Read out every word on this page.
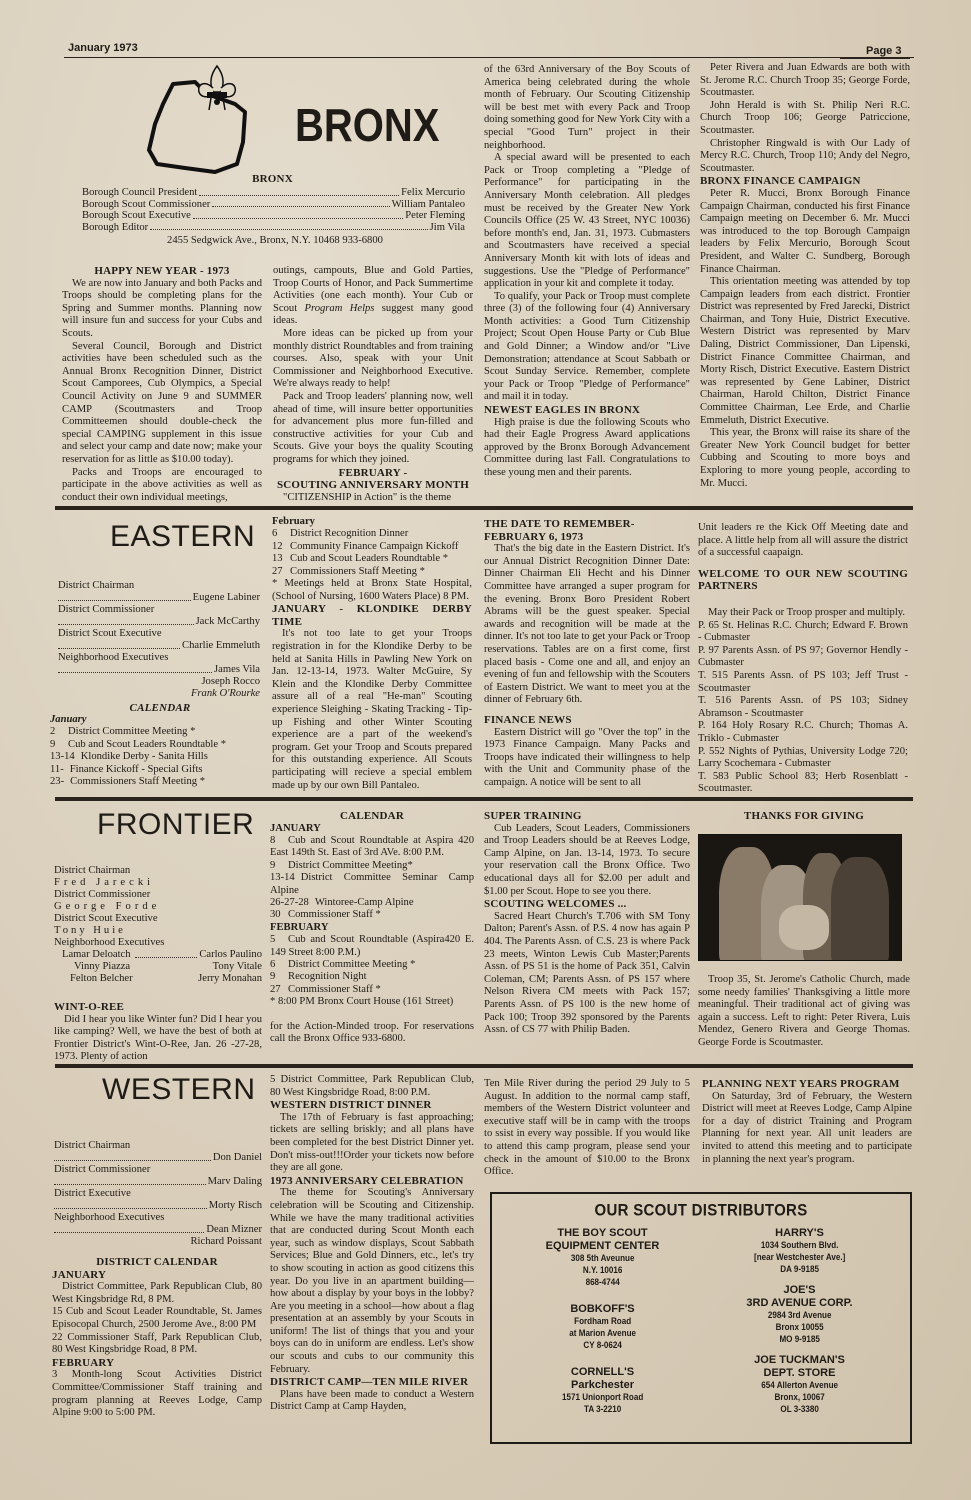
January 1973	Page 3
BRONX
BRONX
Borough Council President	Felix Mercurio
Borough Scout Commissioner	William Pantaleo
Borough Scout Executive	Peter Fleming
Borough Editor	Jim Vila
2455 Sedgwick Ave., Bronx, N.Y. 10468 933-6800
HAPPY NEW YEAR - 1973

We are now into January and both Packs and Troops should be completing plans for the Spring and Summer months. Planning now will insure fun and success for your Cubs and Scouts.

Several Council, Borough and District activities have been scheduled such as the Annual Bronx Recognition Dinner, District Scout Camporees, Cub Olympics, a Special Council Activity on June 9 and SUMMER CAMP (Scoutmasters and Troop Committeemen should double-check the special CAMPING supplement in this issue and select your camp and date now; make your reservation for as little as $10.00 today).

Packs and Troops are encouraged to participate in the above activities as well as conduct their own individual meetings,

outings, campouts, Blue and Gold Parties, Troop Courts of Honor, and Pack Summertime Activities (one each month). Your Cub or Scout Program Helps suggest many good ideas.

More ideas can be picked up from your monthly district Roundtables and from training courses. Also, speak with your Unit Commissioner and Neighborhood Executive. We're always ready to help!

Pack and Troop leaders' planning now, well ahead of time, will insure better opportunities for advancement plus more fun-filled and constructive activities for your Cub and Scouts. Give your boys the quality Scouting programs for which they joined.

FEBRUARY -
SCOUTING ANNIVERSARY MONTH

"CITIZENSHIP in Action" is the theme

of the 63rd Anniversary of the Boy Scouts of America being celebrated during the whole month of February. Our Scouting Citizenship will be best met with every Pack and Troop doing something good for New York City with a special "Good Turn" project in their neighborhood.

A special award will be presented to each Pack or Troop completing a "Pledge of Performance" for participating in the Anniversary Month celebration. All pledges must be received by the Greater New York Councils Office (25 W. 43 Street, NYC 10036) before month's end, Jan. 31, 1973. Cubmasters and Scoutmasters have received a special Anniversary Month kit with lots of ideas and suggestions. Use the "Pledge of Performance" application in your kit and complete it today.

To qualify, your Pack or Troop must complete three (3) of the following four (4) Anniversary Month activities: a Good Turn Citizenship Project; Scout Open House Party or Cub Blue and Gold Dinner; a Window and/or "Live Demonstration; attendance at Scout Sabbath or Scout Sunday Service. Remember, complete your Pack or Troop "Pledge of Performance" and mail it in today.

NEWEST EAGLES IN BRONX

High praise is due the following Scouts who had their Eagle Progress Award applications approved by the Bronx Borough Advancement Committee during last Fall. Congratulations to these young men and their parents.

Peter Rivera and Juan Edwards are both with St. Jerome R.C. Church Troop 35; George Forde, Scoutmaster.

John Herald is with St. Philip Neri R.C. Church Troop 106; George Patriccione, Scoutmaster.

Christopher Ringwald is with Our Lady of Mercy R.C. Church, Troop 110; Andy del Negro, Scoutmaster.

BRONX FINANCE CAMPAIGN

Peter R. Mucci, Bronx Borough Finance Campaign Chairman, conducted his first Finance Campaign meeting on December 6. Mr. Mucci was introduced to the top Borough Campaign leaders by Felix Mercurio, Borough Scout President, and Walter C. Sundberg, Borough Finance Chairman.

This orientation meeting was attended by top Campaign leaders from each district. Frontier District was represented by Fred Jarecki, District Chairman, and Tony Huie, District Executive. Western District was represented by Marv Daling, District Commissioner, Dan Lipenski, District Finance Committee Chairman, and Morty Risch, District Executive. Eastern District was represented by Gene Labiner, District Chairman, Harold Chilton, District Finance Committee Chairman, Lee Erde, and Charlie Emmeluth, District Executive.

This year, the Bronx will raise its share of the Greater New York Council budget for better Cubbing and Scouting to more boys and Exploring to more young people, according to Mr. Mucci.

EASTERN
District Chairman
Eugene Labiner
District Commissioner
Jack McCarthy
District Scout Executive
Charlie Emmeluth
Neighborhood Executives
James Vila
Joseph Rocco
Frank O'Rourke
CALENDAR
January
2 District Committee Meeting *
9 Cub and Scout Leaders Roundtable *
13-14 Klondike Derby - Sanita Hills
11- Finance Kickoff - Special Gifts
23- Commissioners Staff Meeting *
February
6 District Recognition Dinner
12 Community Finance Campaign Kickoff
13 Cub and Scout Leaders Roundtable *
27 Commissioners Staff Meeting *

* Meetings held at Bronx State Hospital, (School of Nursing, 1600 Waters Place) 8 PM.

JANUARY - KLONDIKE DERBY TIME

It's not too late to get your Troops registration in for the Klondike Derby to be held at Sanita Hills in Pawling New York on Jan. 12-13-14, 1973. Walter McGuire, Sy Klein and the Klondike Derby Committee assure all of a real "He-man" Scouting experience Sleighing - Skating Tracking - Tip-up Fishing and other Winter Scouting experience are a part of the weekend's program. Get your Troop and Scouts prepared for this outstanding experience. All Scouts participating will recieve a special emblem made up by our own Bill Pantaleo.

THE DATE TO REMEMBER-
FEBRUARY 6, 1973

That's the big date in the Eastern District. It's our Annual District Recognition Dinner Date: Dinner Chairman Eli Hecht and his Dinner Committee have arranged a super program for the evening. Bronx Boro President Robert Abrams will be the guest speaker. Special awards and recognition will be made at the dinner. It's not too late to get your Pack or Troop reservations. Tables are on a first come, first placed basis - Come one and all, and enjoy an evening of fun and fellowship with the Scouters of Eastern District. We want to meet you at the dinner of February 6th.

FINANCE NEWS

Eastern District will go "Over the top" in the 1973 Finance Campaign. Many Packs and Troops have indicated their willingness to help with the Unit and Community phase of the campaign. A notice will be sent to all

Unit leaders re the Kick Off Meeting date and place. A little help from all will assure the district of a successful caapaign.

WELCOME TO OUR NEW SCOUTING PARTNERS

May their Pack or Troop prosper and multiply.

P. 65 St. Helinas R.C. Church; Edward F. Brown - Cubmaster

P. 97 Parents Assn. of PS 97; Governor Hendly - Cubmaster

T. 515 Parents Assn. of PS 103; Jeff Trust - Scoutmaster

T. 516 Parents Assn. of PS 103; Sidney Abramson - Scoutmaster

P. 164 Holy Rosary R.C. Church; Thomas A. Triklo - Cubmaster

P. 552 Nights of Pythias, University Lodge 720; Larry Scochemara - Cubmaster

T. 583 Public School 83; Herb Rosenblatt - Scoutmaster.

FRONTIER
District Chairman
Fred Jarecki
District Commissioner
George Forde
District Scout Executive
Tony Huie
Neighborhood Executives
Lamar Deloatch	Carlos Paulino
Vinny Piazza	Tony Vitale
Felton Belcher	Jerry Monahan
WINT-O-REE

Did I hear you like Winter fun? Did I hear you like camping? Well, we have the best of both at Frontier District's Wint-O-Ree, Jan. 26 -27-28, 1973. Plenty of action

CALENDAR
JANUARY
8 Cub and Scout Roundtable at Aspira 420 East 149th St. East of 3rd AVe. 8:00 P.M.
9 District Committee Meeting*
13-14 District Committee Seminar Camp Alpine
26-27-28 Wintoree-Camp Alpine
30 Commissioner Staff *
FEBRUARY
5 Cub and Scout Roundtable (Aspira420 E. 149 Street 8:00 P.M.)
6 District Committee Meeting *
9 Recognition Night
27 Commissioner Staff *
* 8:00 PM Bronx Court House (161 Street)

for the Action-Minded troop. For reservations call the Bronx Office 933-6800.

SUPER TRAINING

Cub Leaders, Scout Leaders, Commissioners and Troop Leaders should be at Reeves Lodge, Camp Alpine, on Jan. 13-14, 1973. To secure your reservation call the Bronx Office. Two educational days all for $2.00 per adult and $1.00 per Scout. Hope to see you there.

SCOUTING WELCOMES ...

Sacred Heart Church's T.706 with SM Tony Dalton; Parent's Assn. of P.S. 4 now has again P 404. The Parents Assn. of C.S. 23 is where Pack 23 meets, Winton Lewis Cub Master;Parents Assn. of PS 51 is the home of Pack 351, Calvin Coleman, CM; Parents Assn. of PS 157 where Nelson Rivera CM meets with Pack 157; Parents Assn. of PS 100 is the new home of Pack 100; Troop 392 sponsored by the Parents Assn. of CS 77 with Philip Baden.

THANKS FOR GIVING

Troop 35, St. Jerome's Catholic Church, made some needy families' Thanksgiving a little more meaningful. Their traditional act of giving was again a success. Left to right: Peter Rivera, Luis Mendez, Genero Rivera and George Thomas. George Forde is Scoutmaster.

WESTERN
District Chairman
Don Daniel
District Commissioner
Marv Daling
District Executive
Morty Risch
Neighborhood Executives
Dean Mizner
Richard Poissant
DISTRICT CALENDAR
JANUARY

District Committee, Park Republican Club, 80 West Kingsbridge Rd, 8 PM.

15 Cub and Scout Leader Roundtable, St. James Episocopal Church, 2500 Jerome Ave., 8:00 PM

22 Commissioner Staff, Park Republican Club, 80 West Kingsbridge Road, 8 PM.

FEBRUARY

3 Month-long Scout Activities District Committee/Commissioner Staff training and program planning at Reeves Lodge, Camp Alpine 9:00 to 5:00 PM.

5 District Committee, Park Republican Club, 80 West Kingsbridge Road, 8:00 P.M.

WESTERN DISTRICT DINNER

The 17th of February is fast approaching; tickets are selling briskly; and all plans have been completed for the best District Dinner yet. Don't miss-out!!!Order your tickets now before they are all gone.

1973 ANNIVERSARY CELEBRATION

The theme for Scouting's Anniversary celebration will be Scouting and Citizenship. While we have the many traditional activities that are conducted during Scout Month each year, such as window displays, Scout Sabbath Services; Blue and Gold Dinners, etc., let's try to show scouting in action as good citizens this year. Do you live in an apartment building—how about a display by your boys in the lobby? Are you meeting in a school—how about a flag presentation at an assembly by your Scouts in uniform! The list of things that you and your boys can do in uniform are endless. Let's show our scouts and cubs to our community this February.

DISTRICT CAMP—TEN MILE RIVER

Plans have been made to conduct a Western District Camp at Camp Hayden,

Ten Mile River during the period 29 July to 5 August. In addition to the normal camp staff, members of the Western District volunteer and executive staff will be in camp with the troops to ssist in every way possible. If you would like to attend this camp program, please send your check in the amount of $10.00 to the Bronx Office.

PLANNING NEXT YEARS PROGRAM

On Saturday, 3rd of February, the Western District will meet at Reeves Lodge, Camp Alpine for a day of district Training and Program Planning for next year. All unit leaders are invited to attend this meeting and to participate in planning the next year's program.

OUR SCOUT DISTRIBUTORS
THE BOY SCOUT
EQUIPMENT CENTER
308 5th Aveunue
N.Y. 10016
868-4744
BOBKOFF'S
Fordham Road
at Marion Avenue
CY 8-0624
CORNELL'S
Parkchester
1571 Unionport Road
TA 3-2210
HARRY'S
1034 Southern Blvd.
[near Westchester Ave.]
DA 9-9185
JOE'S
3RD AVENUE CORP.
2984 3rd Avenue
Bronx 10055
MO 9-9185
JOE TUCKMAN'S
DEPT. STORE
654 Allerton Avenue
Bronx, 10067
OL 3-3380
